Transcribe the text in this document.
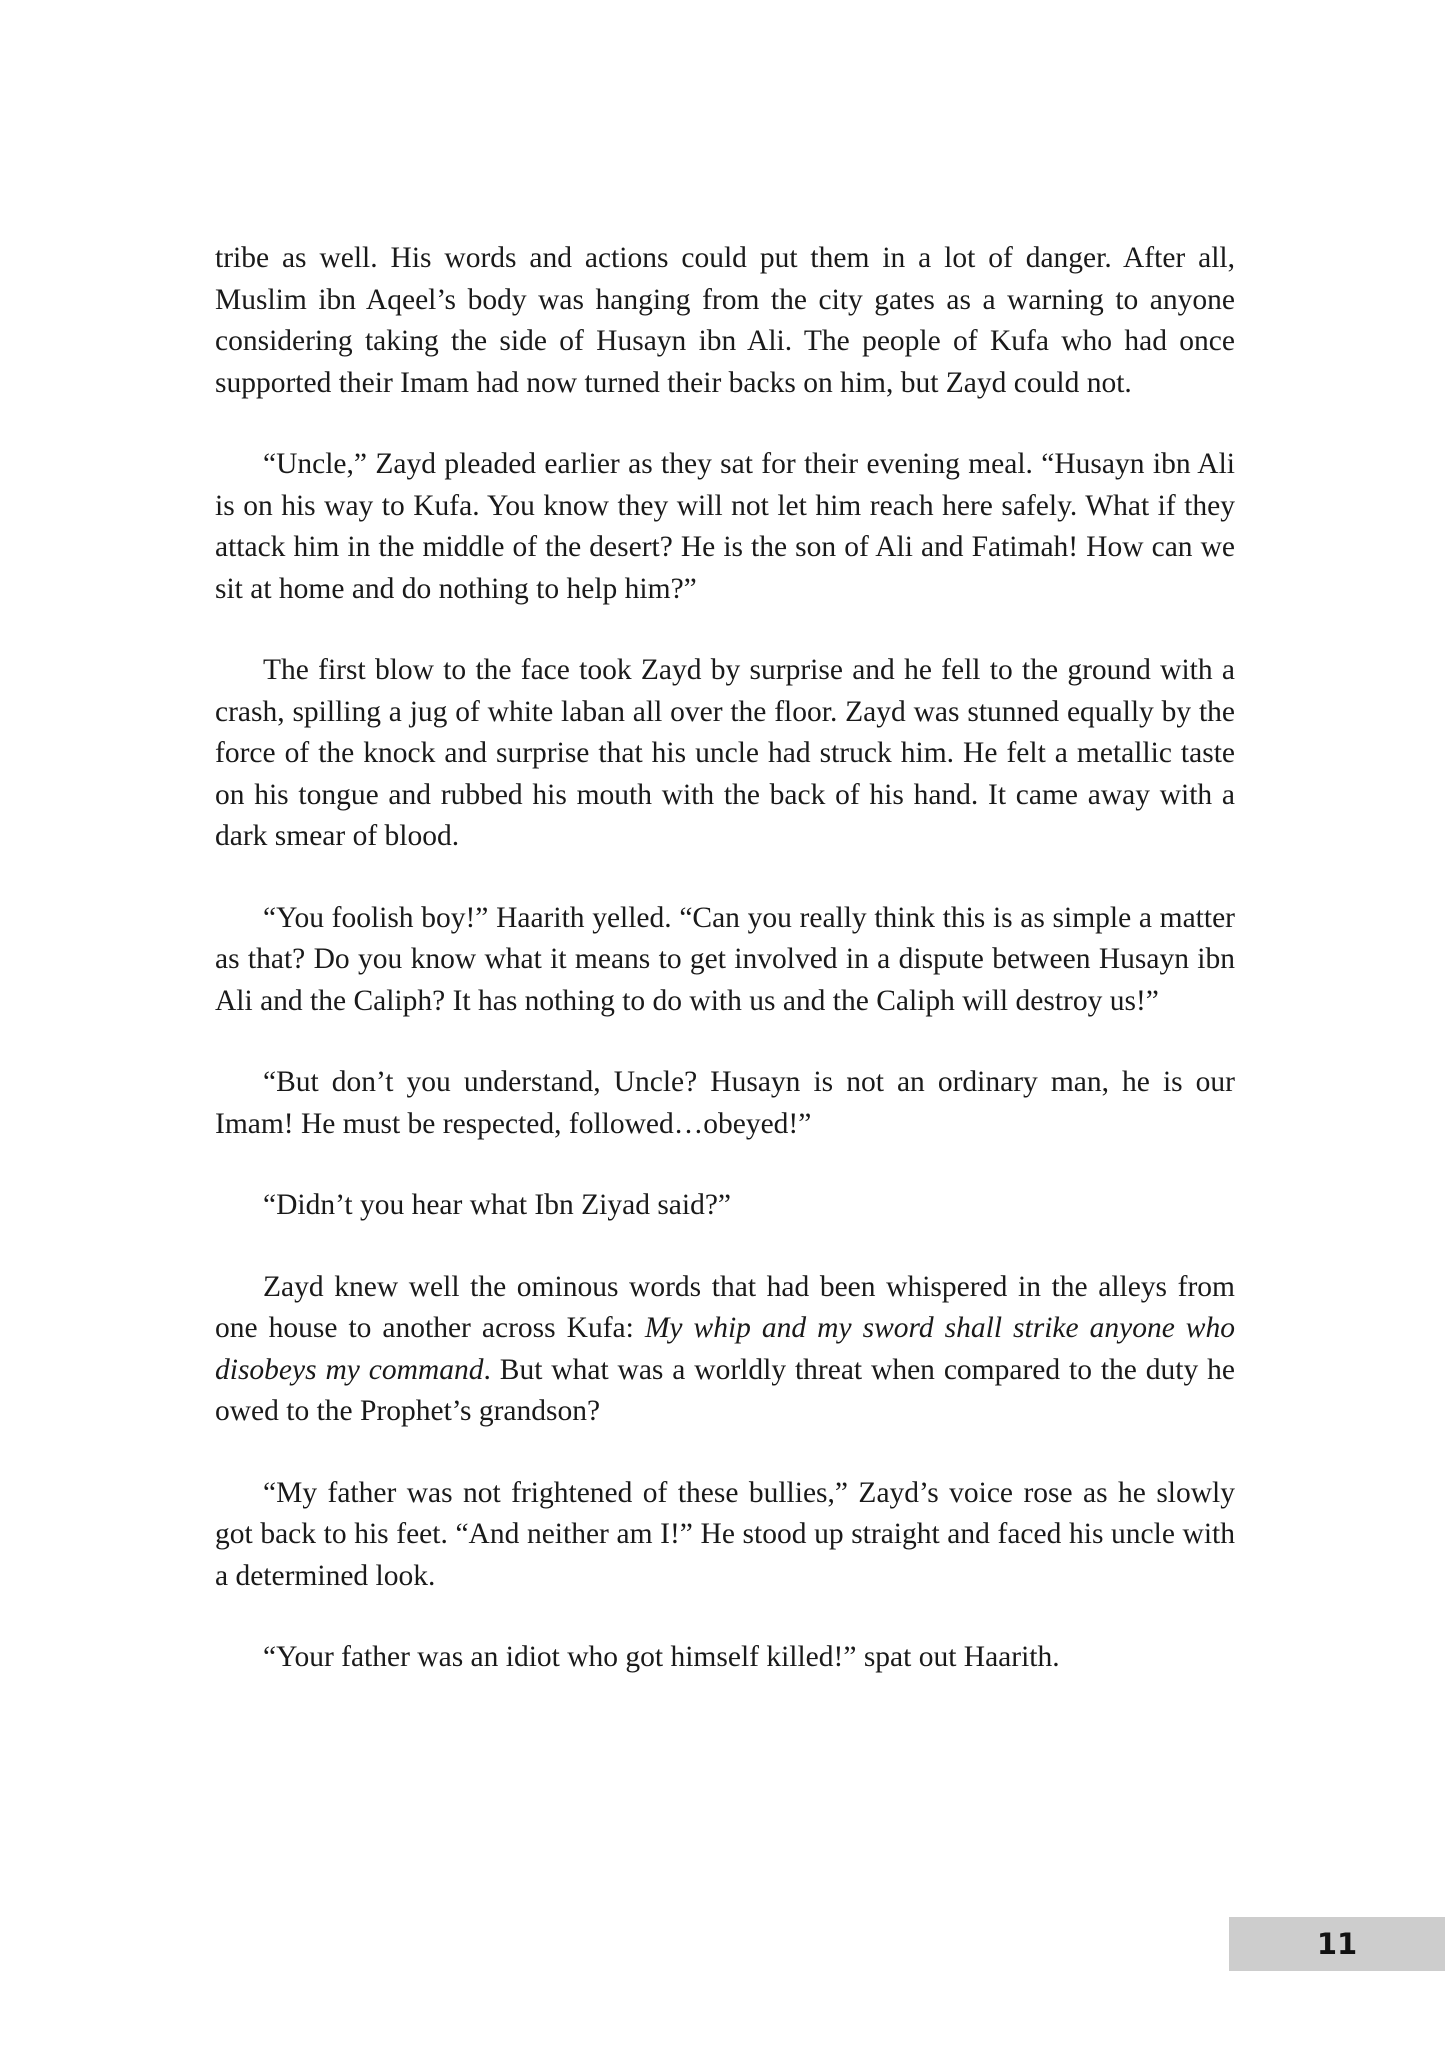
tribe as well. His words and actions could put them in a lot of danger. After all, Muslim ibn Aqeel’s body was hanging from the city gates as a warning to anyone considering taking the side of Husayn ibn Ali. The people of Kufa who had once supported their Imam had now turned their backs on him, but Zayd could not.

“Uncle,” Zayd pleaded earlier as they sat for their evening meal. “Husayn ibn Ali is on his way to Kufa. You know they will not let him reach here safely. What if they attack him in the middle of the desert? He is the son of Ali and Fatimah! How can we sit at home and do nothing to help him?”

The first blow to the face took Zayd by surprise and he fell to the ground with a crash, spilling a jug of white laban all over the floor. Zayd was stunned equally by the force of the knock and surprise that his uncle had struck him. He felt a metallic taste on his tongue and rubbed his mouth with the back of his hand. It came away with a dark smear of blood.

“You foolish boy!” Haarith yelled. “Can you really think this is as simple a matter as that? Do you know what it means to get involved in a dispute between Husayn ibn Ali and the Caliph? It has nothing to do with us and the Caliph will destroy us!”

“But don’t you understand, Uncle? Husayn is not an ordinary man, he is our Imam! He must be respected, followed…obeyed!”

“Didn’t you hear what Ibn Ziyad said?”

Zayd knew well the ominous words that had been whispered in the alleys from one house to another across Kufa: My whip and my sword shall strike anyone who disobeys my command. But what was a worldly threat when compared to the duty he owed to the Prophet’s grandson?

“My father was not frightened of these bullies,” Zayd’s voice rose as he slowly got back to his feet. “And neither am I!” He stood up straight and faced his uncle with a determined look.

“Your father was an idiot who got himself killed!” spat out Haarith.

11
